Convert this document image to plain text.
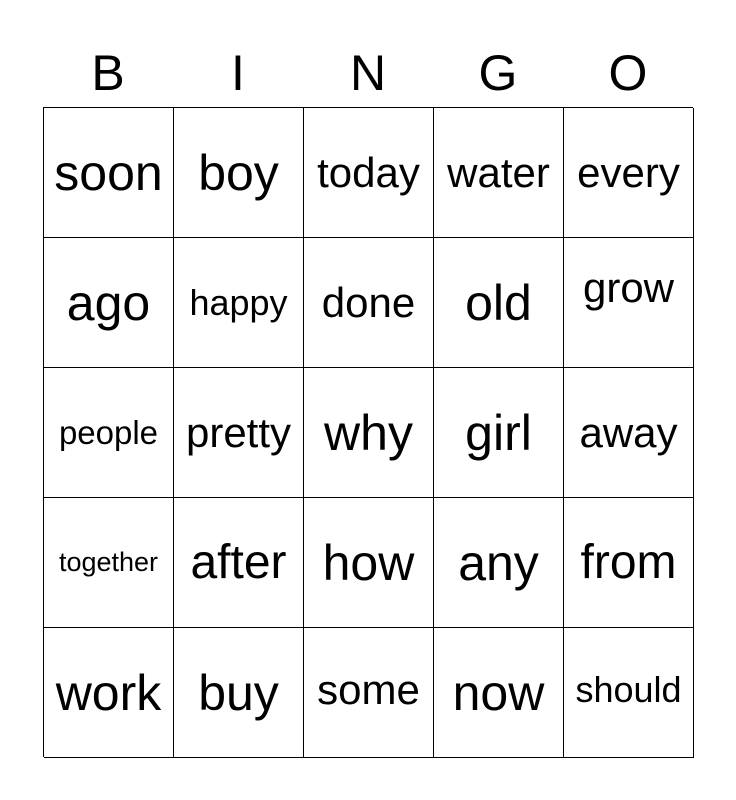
B	I	N	G	O
soon boy today water every
ago happy done old grow
people pretty why girl away
together after how any from
work buy some now should
